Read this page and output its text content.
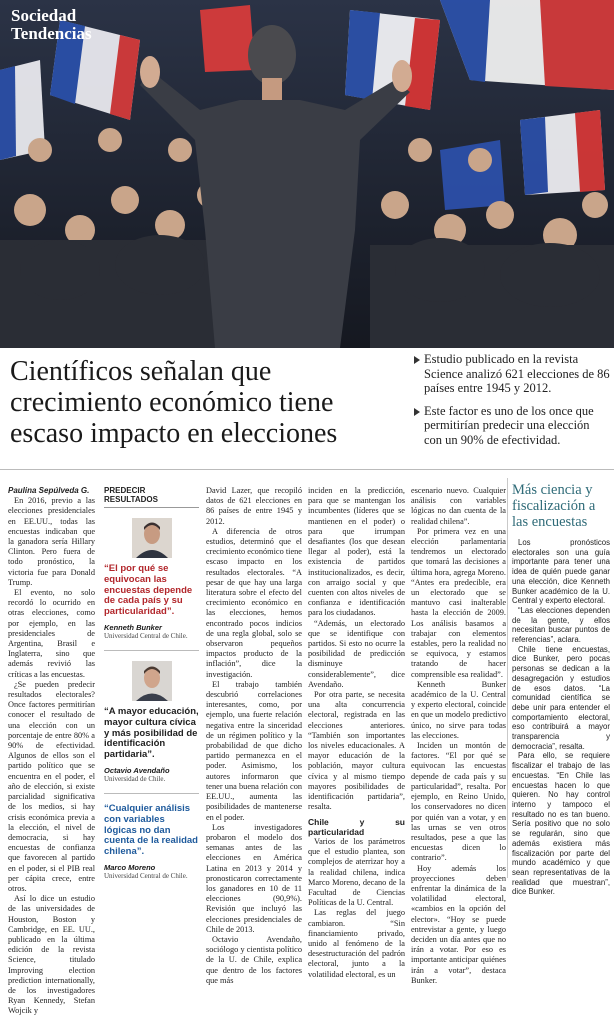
Sociedad
Tendencias
Científicos señalan que crecimiento económico tiene escaso impacto en elecciones
Estudio publicado en la revista Science analizó 621 elecciones de 86 países entre 1945 y 2012.
Este factor es uno de los once que permitirían predecir una elección con un 90% de efectividad.

Paulina Sepúlveda G.

En 2016, previo a las elecciones presidenciales en EE.UU., todas las encuestas indicaban que la ganadora sería Hillary Clinton. Pero fuera de todo pronóstico, la victoria fue para Donald Trump.

El evento, no solo recordó lo ocurrido en otras elecciones, como por ejemplo, en las presidenciales de Argentina, Brasil e Inglaterra, sino que además revivió las críticas a las encuestas.

¿Se pueden predecir resultados electorales? Once factores permitirían conocer el resultado de una elección con un porcentaje de entre 80% a 90% de efectividad. Algunos de ellos son el partido político que se encuentra en el poder, el año de elección, si existe parcialidad significativa de los medios, si hay crisis económica previa a la elección, el nivel de democracia, si hay encuestas de confianza que favorecen al partido en el poder, si el PIB real per cápita crece, entre otros.

Así lo dice un estudio de las universidades de Houston, Boston y Cambridge, en EE. UU., publicado en la última edición de la revista Science, titulado Improving election prediction internationally, de los investigadores Ryan Kennedy, Stefan Wojcik y

PREDECIR RESULTADOS
“El por qué se equivocan las encuestas depende de cada país y su particularidad”.
Kenneth Bunker
Universidad Central de Chile.
“A mayor educación, mayor cultura cívica y más posibilidad de identificación partidaria”.
Octavio Avendaño
Universidad de Chile.
“Cualquier análisis con variables lógicas no dan cuenta de la realidad chilena”.
Marco Moreno
Universidad Central de Chile.

David Lazer, que recopiló datos de 621 elecciones en 86 países de entre 1945 y 2012.

A diferencia de otros estudios, determinó que el crecimiento económico tiene escaso impacto en los resultados electorales. “A pesar de que hay una larga literatura sobre el efecto del crecimiento económico en las elecciones, hemos encontrado pocos indicios de una regla global, solo se observaron pequeños impactos producto de la inflación”, dice la investigación.

El trabajo también descubrió correlaciones interesantes, como, por ejemplo, una fuerte relación negativa entre la sinceridad de un régimen político y la probabilidad de que dicho partido permanezca en el poder. Asimismo, los autores informaron que tener una buena relación con EE.UU., aumenta las posibilidades de mantenerse en el poder.

Los investigadores probaron el modelo dos semanas antes de las elecciones en América Latina en 2013 y 2014 y pronosticaron correctamente los ganadores en 10 de 11 elecciones (90,9%). Revisión que incluyó las elecciones presidenciales de Chile de 2013.

Octavio Avendaño, sociólogo y cientista político de la U. de Chile, explica que dentro de los factores que más

inciden en la predicción, para que se mantengan los incumbentes (líderes que se mantienen en el poder) o para que irrumpan desafiantes (los que desean llegar al poder), está la existencia de partidos institucionalizados, es decir, con arraigo social y que cuenten con altos niveles de confianza e identificación para los ciudadanos.

“Además, un electorado que se identifique con partidos. Si esto no ocurre la posibilidad de predicción disminuye considerablemente”, dice Avendaño.

Por otra parte, se necesita una alta concurrencia electoral, registrada en las elecciones anteriores. “También son importantes los niveles educacionales. A mayor educación de la población, mayor cultura cívica y al mismo tiempo mayores posibilidades de identificación partidaria”, resalta.

Chile y su particularidad

Varios de los parámetros que el estudio plantea, son complejos de aterrizar hoy a la realidad chilena, indica Marco Moreno, decano de la Facultad de Ciencias Políticas de la U. Central.

Las reglas del juego cambiaron. “Sin financiamiento privado, unido al fenómeno de la desestructuración del padrón electoral, junto a la volatilidad electoral, es un

escenario nuevo. Cualquier análisis con variables lógicas no dan cuenta de la realidad chilena”.

Por primera vez en una elección parlamentaria tendremos un electorado que tomará las decisiones a última hora, agrega Moreno. “Antes era predecible, era un electorado que se mantuvo casi inalterable hasta la elección de 2009. Los análisis basamos a trabajar con elementos estables, pero la realidad no se equivoca, y estamos tratando de hacer comprensible esa realidad”.

Kenneth Bunker académico de la U. Central y experto electoral, coincide en que un modelo predictivo único, no sirve para todas las elecciones.

Inciden un montón de factores. “El por qué se equivocan las encuestas depende de cada país y su particularidad”, resalta. Por ejemplo, en Reino Unido, los conservadores no dicen por quién van a votar, y en las urnas se ven otros resultados, pese a que las encuestas dicen lo contrario”.

Hoy además los proyecciones deben enfrentar la dinámica de la volatilidad electoral, «cambios en la opción del elector». “Hoy se puede entrevistar a gente, y luego deciden un día antes que no irán a votar. Por eso es importante anticipar quiénes irán a votar”, destaca Bunker.

Más ciencia y fiscalización a las encuestas

Los pronósticos electorales son una guía importante para tener una idea de quién puede ganar una elección, dice Kenneth Bunker académico de la U. Central y experto electoral.

“Las elecciones dependen de la gente, y ellos necesitan buscar puntos de referencias”, aclara.

Chile tiene encuestas, dice Bunker, pero pocas personas se dedican a la desagregación y estudios de esos datos. “La comunidad científica se debe unir para entender el comportamiento electoral, eso contribuirá a mayor transparencia y democracia”, resalta.

Para ello, se requiere fiscalizar el trabajo de las encuestas. “En Chile las encuestas hacen lo que quieren. No hay control interno y tampoco el resultado no es tan bueno. Sería positivo que no solo se regularán, sino que además existiera más fiscalización por parte del mundo académico y que sean representativas de la realidad que muestran”, dice Bunker.
